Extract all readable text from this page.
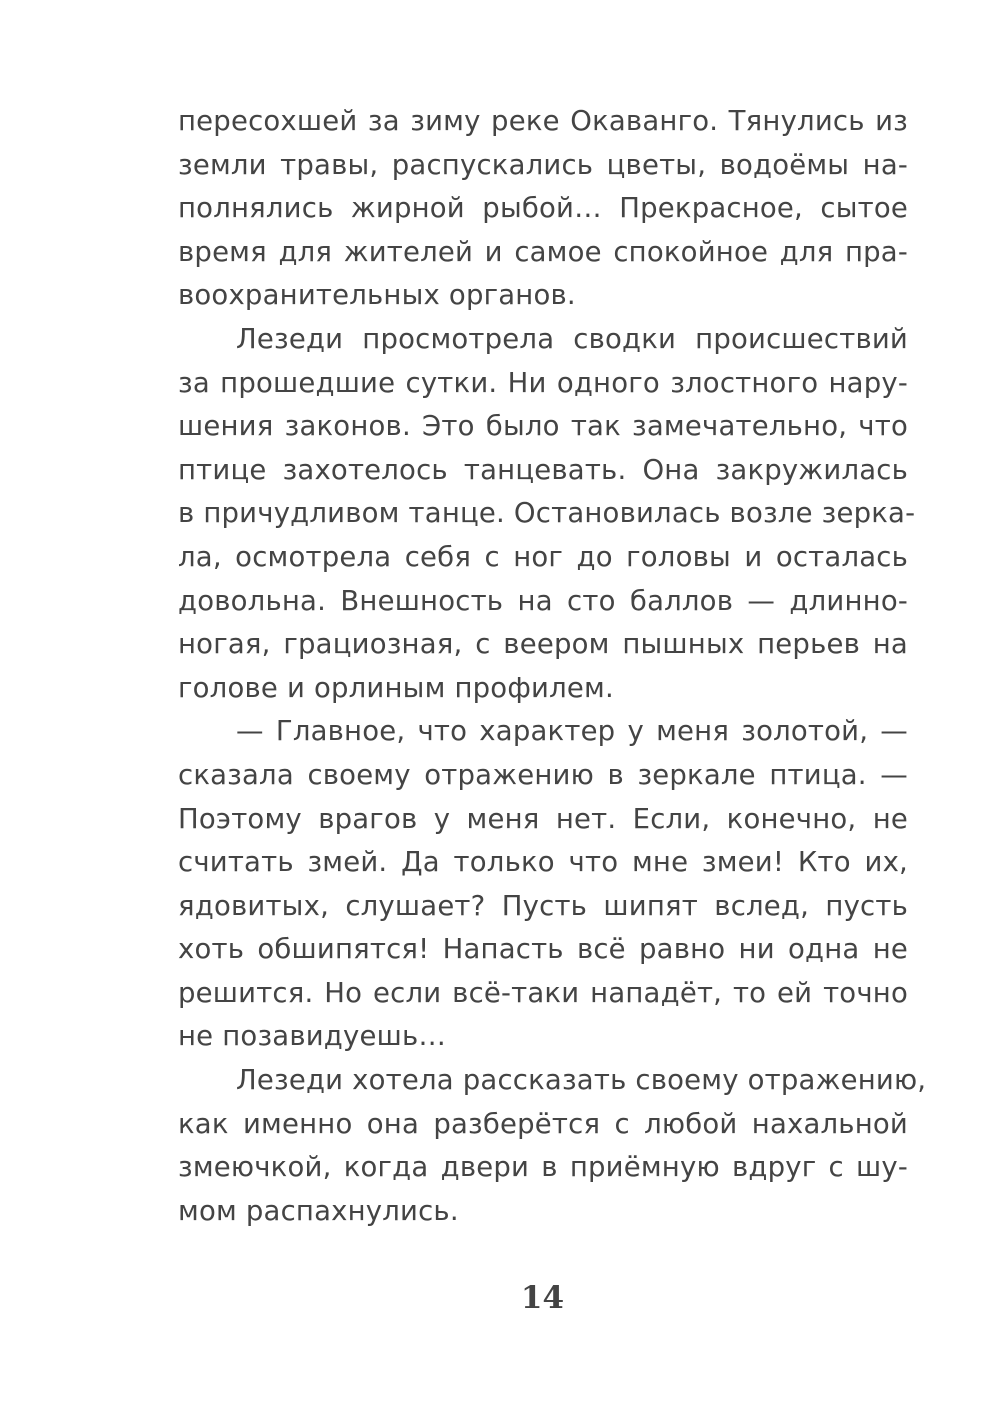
пересохшей за зиму реке Окаванго. Тянулись из
земли травы, распускались цветы, водоёмы на-
полнялись жирной рыбой… Прекрасное, сытое
время для жителей и самое спокойное для пра-
воохранительных органов.
Лезеди просмотрела сводки происшествий
за прошедшие сутки. Ни одного злостного нару-
шения законов. Это было так замечательно, что
птице захотелось танцевать. Она закружилась
в причудливом танце. Остановилась возле зерка-
ла, осмотрела себя с ног до головы и осталась
довольна. Внешность на сто баллов — длинно-
ногая, грациозная, с веером пышных перьев на
голове и орлиным профилем.
— Главное, что характер у меня золотой, —
сказала своему отражению в зеркале птица. —
Поэтому врагов у меня нет. Если, конечно, не
считать змей. Да только что мне змеи! Кто их,
ядовитых, слушает? Пусть шипят вслед, пусть
хоть обшипятся! Напасть всё равно ни одна не
решится. Но если всё-таки нападёт, то ей точно
не позавидуешь…
Лезеди хотела рассказать своему отражению,
как именно она разберётся с любой нахальной
змеючкой, когда двери в приёмную вдруг с шу-
мом распахнулись.
14
